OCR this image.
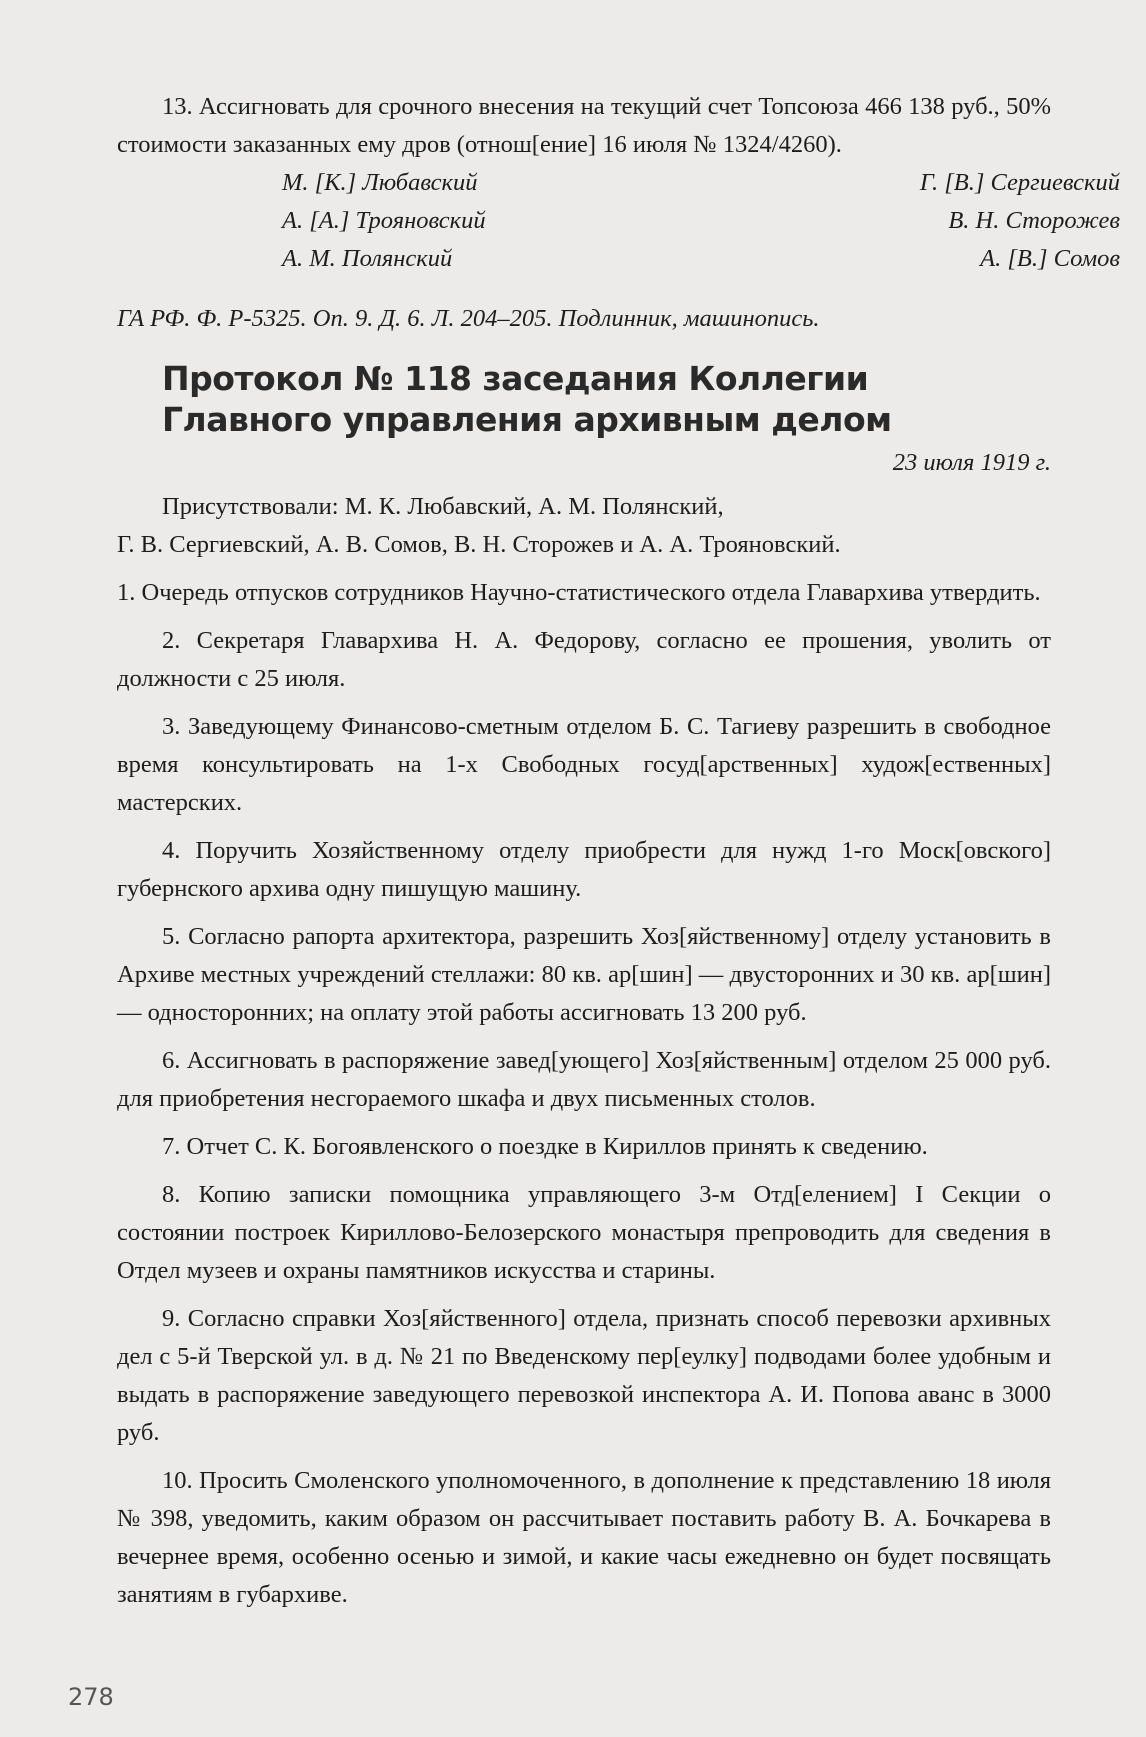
13. Ассигновать для срочного внесения на текущий счет Топсоюза 466 138 руб., 50% стоимости заказанных ему дров (отнош[ение] 16 июля № 1324/4260).

М. [К.] Любавский	Г. [В.] Сергиевский
А. [А.] Трояновский	В. Н. Сторожев
А. М. Полянский	А. [В.] Сомов

ГА РФ. Ф. Р-5325. Оп. 9. Д. 6. Л. 204–205. Подлинник, машинопись.

Протокол № 118 заседания Коллегии
Главного управления архивным делом

23 июля 1919 г.

Присутствовали: М. К. Любавский, А. М. Полянский,

Г. В. Сергиевский, А. В. Сомов, В. Н. Сторожев и А. А. Трояновский.

1. Очередь отпусков сотрудников Научно-статистического отдела Главархива утвердить.

2. Секретаря Главархива Н. А. Федорову, согласно ее прошения, уволить от должности с 25 июля.

3. Заведующему Финансово-сметным отделом Б. С. Тагиеву разрешить в свободное время консультировать на 1-х Свободных госуд[арственных] худож[ественных] мастерских.

4. Поручить Хозяйственному отделу приобрести для нужд 1-го Моск[овского] губернского архива одну пишущую машину.

5. Согласно рапорта архитектора, разрешить Хоз[яйственному] отделу установить в Архиве местных учреждений стеллажи: 80 кв. ар[шин] — двусторонних и 30 кв. ар[шин] — односторонних; на оплату этой работы ассигновать 13 200 руб.

6. Ассигновать в распоряжение завед[ующего] Хоз[яйственным] отделом 25 000 руб. для приобретения несгораемого шкафа и двух письменных столов.

7. Отчет С. К. Богоявленского о поездке в Кириллов принять к сведению.

8. Копию записки помощника управляющего 3-м Отд[елением] I Секции о состоянии построек Кирилловo-Белозерского монастыря препроводить для сведения в Отдел музеев и охраны памятников искусства и старины.

9. Согласно справки Хоз[яйственного] отдела, признать способ перевозки архивных дел с 5-й Тверской ул. в д. № 21 по Введенскому пер[еулку] подводами более удобным и выдать в распоряжение заведующего перевозкой инспектора А. И. Попова аванс в 3000 руб.

10. Просить Смоленского уполномоченного, в дополнение к представлению 18 июля № 398, уведомить, каким образом он рассчитывает поставить работу В. А. Бочкарева в вечернее время, особенно осенью и зимой, и какие часы ежедневно он будет посвящать занятиям в губархиве.

278
